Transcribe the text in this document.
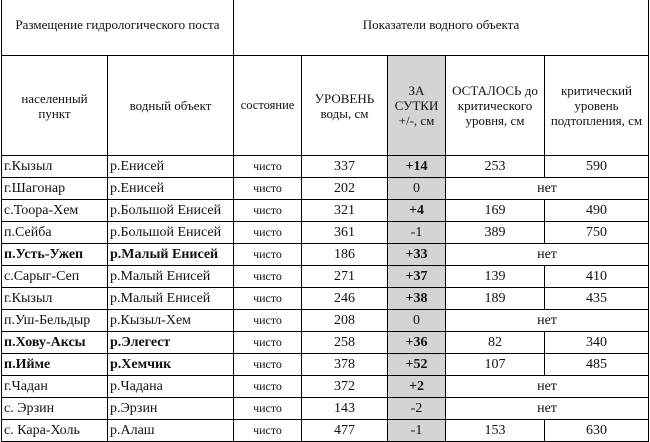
Размещение гидрологического поста		Показатели водного объекта				
населенный пункт	водный объект	состояние	УРОВЕНЬ воды, см	ЗА СУТКИ +/-, см	ОСТАЛОСЬ до критического уровня, см	критический уровень подтопления, см
г.Кызыл	р.Енисей	чисто	337	+14	253	590
г.Шагонар	р.Енисей	чисто	202	0	нет	
с.Тоора-Хем	р.Большой Енисей	чисто	321	+4	169	490
п.Сейба	р.Большой Енисей	чисто	361	-1	389	750
п.Усть-Ужеп	р.Малый Енисей	чисто	186	+33	нет	
с.Сарыг-Сеп	р.Малый Енисей	чисто	271	+37	139	410
г.Кызыл	р.Малый Енисей	чисто	246	+38	189	435
п.Уш-Бельдыр	р.Кызыл-Хем	чисто	208	0	нет	
п.Хову-Аксы	р.Элегест	чисто	258	+36	82	340
п.Ийме	р.Хемчик	чисто	378	+52	107	485
г.Чадан	р.Чадана	чисто	372	+2	нет	
с. Эрзин	р.Эрзин	чисто	143	-2	нет	
с. Кара-Холь	р.Алаш	чисто	477	-1	153	630
